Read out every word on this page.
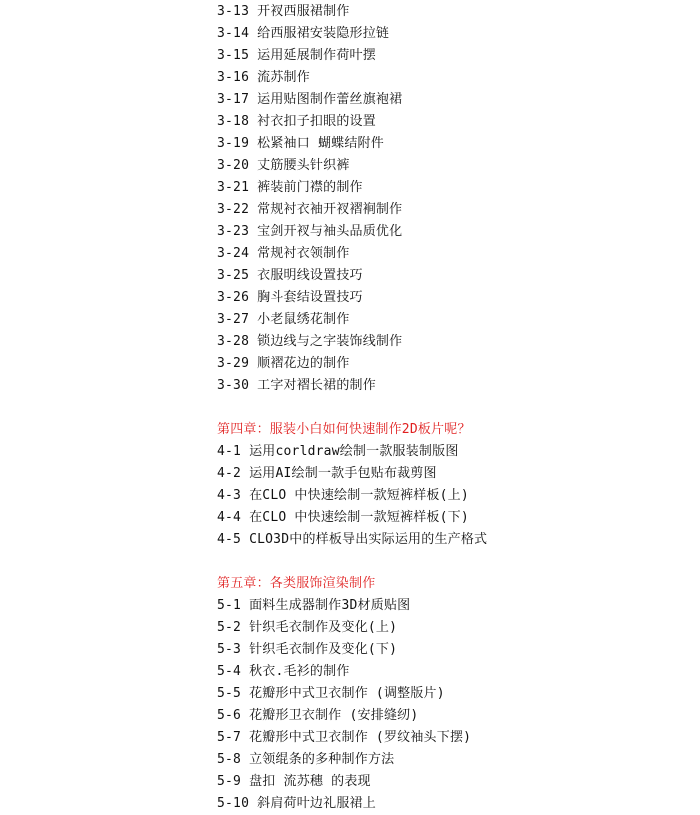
3-13 开衩西服裙制作
3-14 给西服裙安装隐形拉链
3-15 运用延展制作荷叶摆
3-16 流苏制作
3-17 运用贴图制作蕾丝旗袍裙
3-18 衬衣扣子扣眼的设置
3-19 松紧袖口 蝴蝶结附件
3-20 丈筋腰头针织裤
3-21 裤装前门襟的制作
3-22 常规衬衣袖开衩褶裥制作
3-23 宝剑开衩与袖头品质优化
3-24 常规衬衣领制作
3-25 衣服明线设置技巧
3-26 胸斗套结设置技巧
3-27 小老鼠绣花制作
3-28 锁边线与之字装饰线制作
3-29 顺褶花边的制作
3-30 工字对褶长裙的制作
第四章：服装小白如何快速制作2D板片呢？
4-1 运用corldraw绘制一款服装制版图
4-2 运用AI绘制一款手包贴布裁剪图
4-3 在CLO 中快速绘制一款短裤样板(上)
4-4 在CLO 中快速绘制一款短裤样板(下)
4-5 CLO3D中的样板导出实际运用的生产格式
第五章：各类服饰渲染制作
5-1 面料生成器制作3D材质贴图
5-2 针织毛衣制作及变化(上)
5-3 针织毛衣制作及变化(下)
5-4 秋衣.毛衫的制作
5-5 花瓣形中式卫衣制作 (调整版片)
5-6 花瓣形卫衣制作 (安排缝纫)
5-7 花瓣形中式卫衣制作 (罗纹袖头下摆)
5-8 立领绲条的多种制作方法
5-9 盘扣 流苏穗 的表现
5-10 斜肩荷叶边礼服裙上
